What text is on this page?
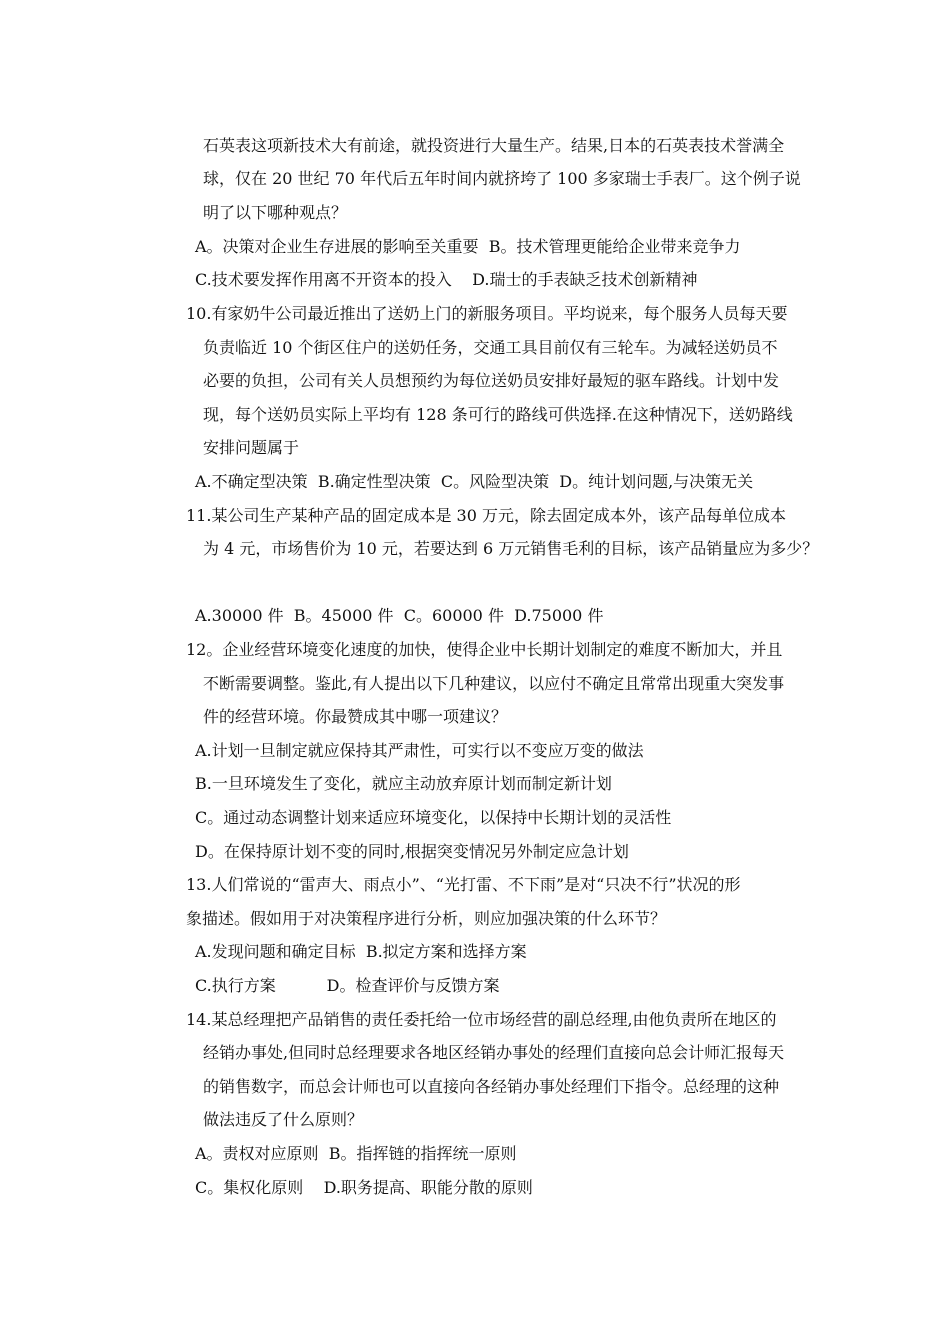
石英表这项新技术大有前途，就投资进行大量生产。结果,日本的石英表技术誉满全
球，仅在 20 世纪 70 年代后五年时间内就挤垮了 100 多家瑞士手表厂。这个例子说
明了以下哪种观点？
A。决策对企业生存进展的影响至关重要  B。技术管理更能给企业带来竞争力
C.技术要发挥作用离不开资本的投入    D.瑞士的手表缺乏技术创新精神
10.有家奶牛公司最近推出了送奶上门的新服务项目。平均说来，每个服务人员每天要
负责临近 10 个街区住户的送奶任务，交通工具目前仅有三轮车。为减轻送奶员不
必要的负担，公司有关人员想预约为每位送奶员安排好最短的驱车路线。计划中发
现，每个送奶员实际上平均有 128 条可行的路线可供选择.在这种情况下，送奶路线
安排问题属于
A.不确定型决策  B.确定性型决策  C。风险型决策  D。纯计划问题,与决策无关
11.某公司生产某种产品的固定成本是 30 万元，除去固定成本外，该产品每单位成本
为 4 元，市场售价为 10 元，若要达到 6 万元销售毛利的目标，该产品销量应为多少？
A.30000 件  B。45000 件  C。60000 件  D.75000 件
12。企业经营环境变化速度的加快，使得企业中长期计划制定的难度不断加大，并且
不断需要调整。鉴此,有人提出以下几种建议，以应付不确定且常常出现重大突发事
件的经营环境。你最赞成其中哪一项建议？
A.计划一旦制定就应保持其严肃性，可实行以不变应万变的做法
B.一旦环境发生了变化，就应主动放弃原计划而制定新计划
C。通过动态调整计划来适应环境变化，以保持中长期计划的灵活性
D。在保持原计划不变的同时,根据突变情况另外制定应急计划
13.人们常说的“雷声大、雨点小”、“光打雷、不下雨”是对“只决不行”状况的形
象描述。假如用于对决策程序进行分析，则应加强决策的什么环节？
A.发现问题和确定目标  B.拟定方案和选择方案
C.执行方案          D。检查评价与反馈方案
14.某总经理把产品销售的责任委托给一位市场经营的副总经理,由他负责所在地区的
经销办事处,但同时总经理要求各地区经销办事处的经理们直接向总会计师汇报每天
的销售数字，而总会计师也可以直接向各经销办事处经理们下指令。总经理的这种
做法违反了什么原则？
A。责权对应原则  B。指挥链的指挥统一原则
C。集权化原则    D.职务提高、职能分散的原则
